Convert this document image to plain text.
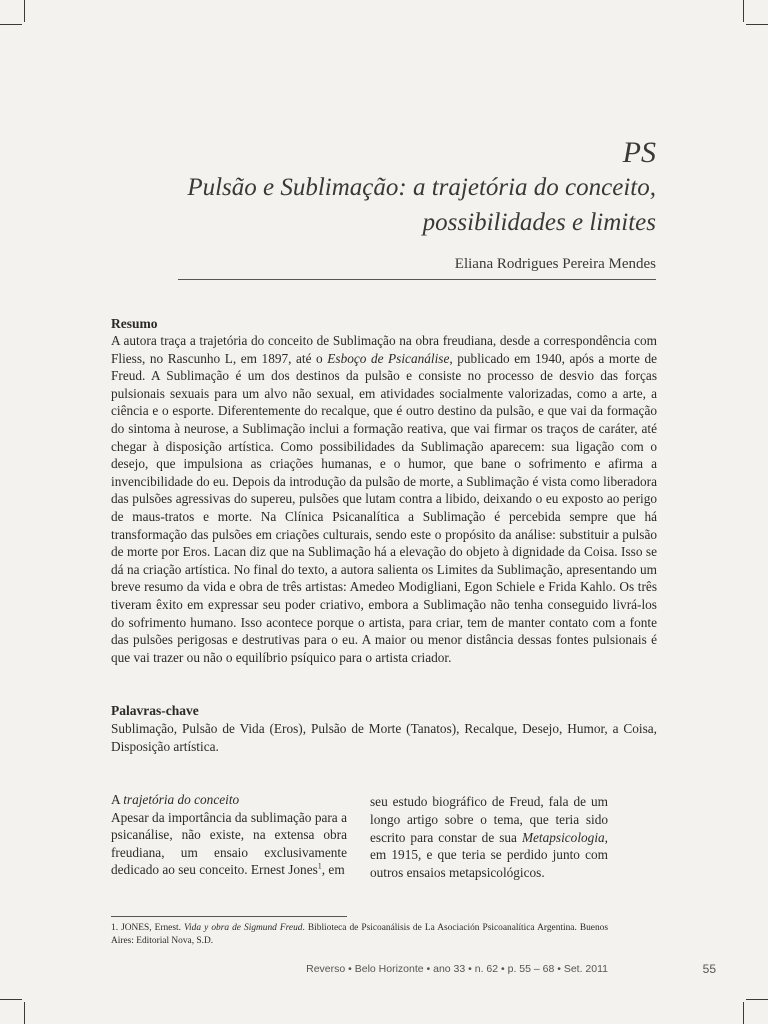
PS
Pulsão e Sublimação: a trajetória do conceito,
possibilidades e limites
Eliana Rodrigues Pereira Mendes
Resumo

A autora traça a trajetória do conceito de Sublimação na obra freudiana, desde a correspondência com Fliess, no Rascunho L, em 1897, até o Esboço de Psicanálise, publicado em 1940, após a morte de Freud. A Sublimação é um dos destinos da pulsão e consiste no processo de desvio das forças pulsionais sexuais para um alvo não sexual, em atividades socialmente valorizadas, como a arte, a ciência e o esporte. Diferentemente do recalque, que é outro destino da pulsão, e que vai da formação do sintoma à neurose, a Sublimação inclui a formação reativa, que vai firmar os traços de caráter, até chegar à disposição artística. Como possibilidades da Sublimação aparecem: sua ligação com o desejo, que impulsiona as criações humanas, e o humor, que bane o sofrimento e afirma a invencibilidade do eu. Depois da introdução da pulsão de morte, a Sublimação é vista como liberadora das pulsões agressivas do supereu, pulsões que lutam contra a libido, deixando o eu exposto ao perigo de maus-tratos e morte. Na Clínica Psicanalítica a Sublimação é percebida sempre que há transformação das pulsões em criações culturais, sendo este o propósito da análise: substituir a pulsão de morte por Eros. Lacan diz que na Sublimação há a elevação do objeto à dignidade da Coisa. Isso se dá na criação artística. No final do texto, a autora salienta os Limites da Sublimação, apresentando um breve resumo da vida e obra de três artistas: Amedeo Modigliani, Egon Schiele e Frida Kahlo. Os três tiveram êxito em expressar seu poder criativo, embora a Sublimação não tenha conseguido livrá-los do sofrimento humano. Isso acontece porque o artista, para criar, tem de manter contato com a fonte das pulsões perigosas e destrutivas para o eu. A maior ou menor distância dessas fontes pulsionais é que vai trazer ou não o equilíbrio psíquico para o artista criador.

Palavras-chave

Sublimação, Pulsão de Vida (Eros), Pulsão de Morte (Tanatos), Recalque, Desejo, Humor, a Coisa, Disposição artística.

A trajetória do conceito
Apesar da importância da sublimação para a psicanálise, não existe, na extensa obra freudiana, um ensaio exclusivamente dedicado ao seu conceito. Ernest Jones$^1$, em
seu estudo biográfico de Freud, fala de um longo artigo sobre o tema, que teria sido escrito para constar de sua Metapsicologia, em 1915, e que teria se perdido junto com outros ensaios metapsicológicos.

1. JONES, Ernest. Vida y obra de Sigmund Freud. Biblioteca de Psicoanálisis de La Asociación Psicoanalítica Argentina. Buenos Aires: Editorial Nova, S.D.

Reverso • Belo Horizonte • ano 33 • n. 62 • p. 55 – 68 • Set. 2011	55
